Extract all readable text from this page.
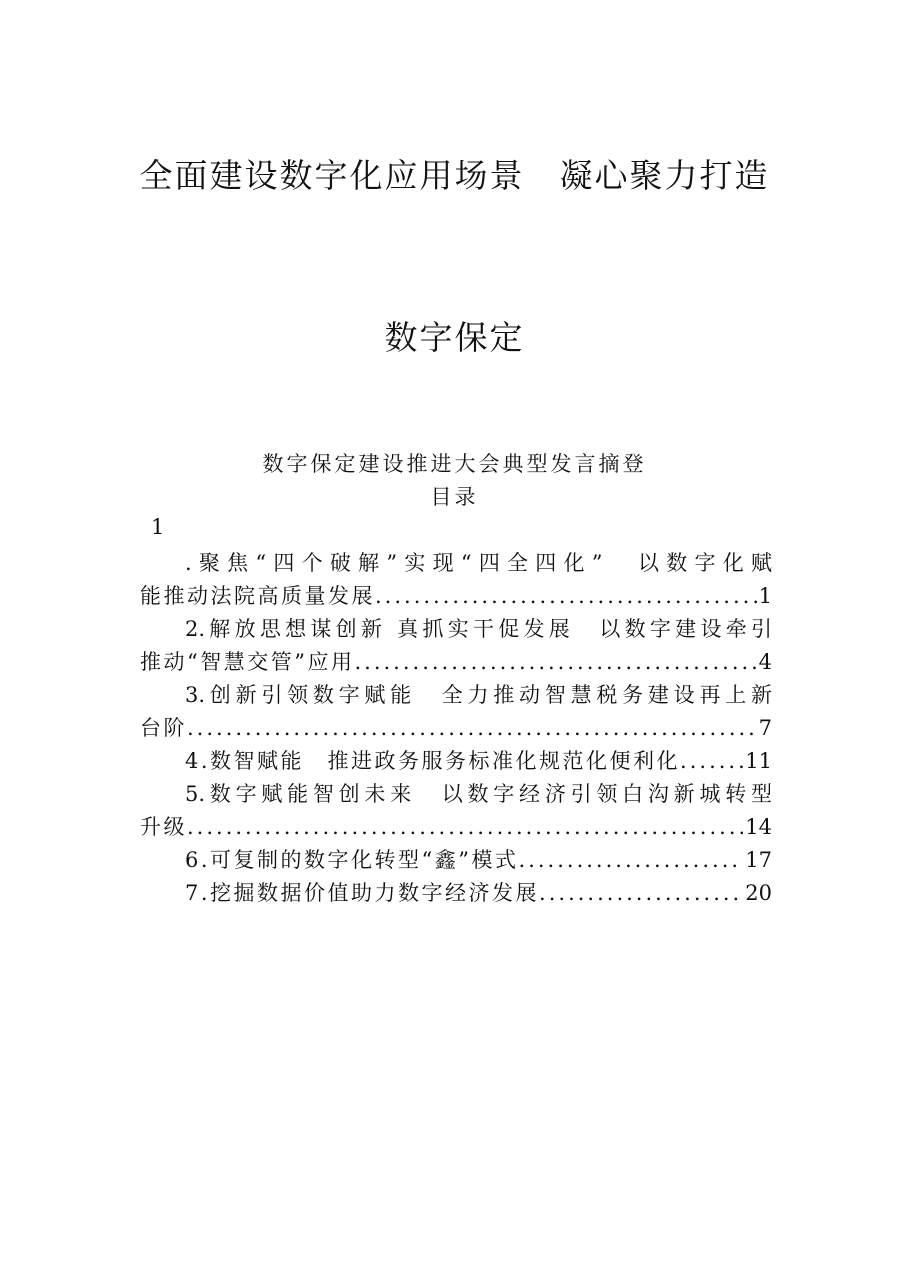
全面建设数字化应用场景　凝心聚力打造
数字保定
数字保定建设推进大会典型发言摘登
目录
1
.聚焦“四个破解”实现“四全四化”　以数字化赋
能推动法院高质量发展 .....	1
2.解放思想谋创新 真抓实干促发展　以数字建设牵引
推动“智慧交管”应用 .....	4
3.创新引领数字赋能　全力推动智慧税务建设再上新
台阶 .....	7
4.数智赋能　推进政务服务标准化规范化便利化 .....	11
5.数字赋能智创未来　以数字经济引领白沟新城转型
升级 .....	14
6.可复制的数字化转型“鑫”模式 .....	17
7.挖掘数据价值助力数字经济发展 .....	20
